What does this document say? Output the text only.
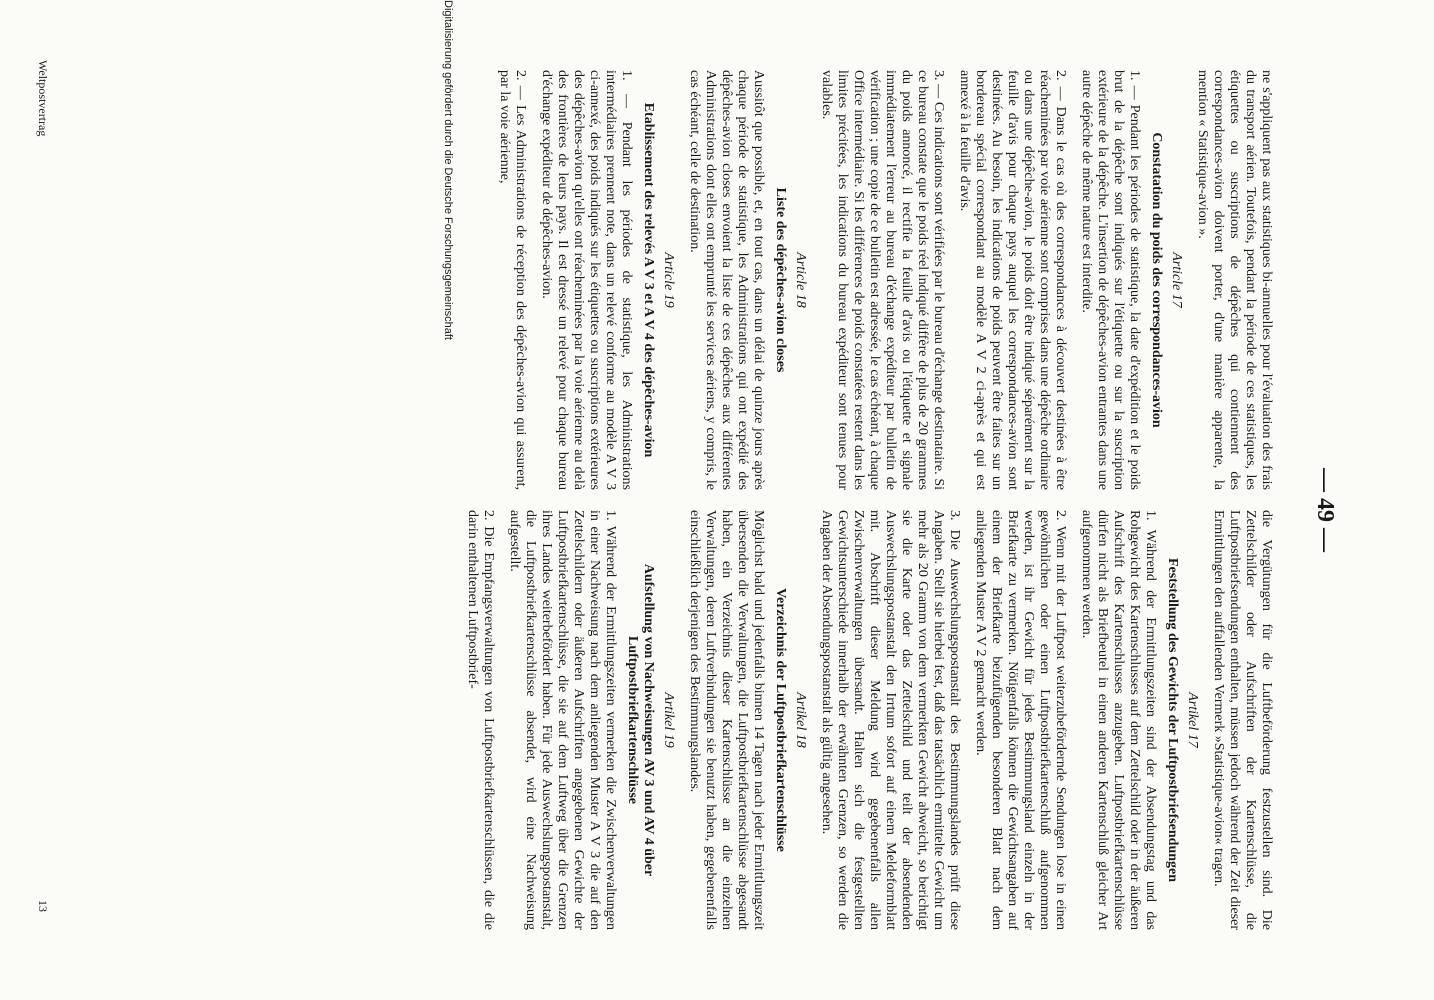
— 49 —

ne s'appliquent pas aux statistiques bi-annuelles pour l'évaluation des frais du transport aérien. Toutefois, pendant la période de ces statistiques, les étiquettes ou suscriptions de dépêches qui contiennent des correspondances-avion doivent porter, d'une manière apparente, la mention « Statistique-avion ».

Article 17
Constatation du poids des correspondances-avion

1. — Pendant les périodes de statistique, la date d'expédition et le poids brut de la dépêche sont indiqués sur l'étiquette ou sur la suscription extérieure de la dépêche. L'insertion de dépêches-avion entrantes dans une autre dépêche de même nature est interdite.

2. — Dans le cas où des correspondances à découvert destinées à être réacheminées par voie aérienne sont comprises dans une dépêche ordinaire ou dans une dépêche-avion, le poids doit être indiqué séparément sur la feuille d'avis pour chaque pays auquel les correspondances-avion sont destinées. Au besoin, les indications de poids peuvent être faites sur un bordereau spécial correspondant au modèle A V 2 ci-après et qui est annexé à la feuille d'avis.

3. — Ces indications sont vérifiées par le bureau d'échange destinataire. Si ce bureau constate que le poids réel indiqué diffère de plus de 20 grammes du poids annoncé, il rectifie la feuille d'avis ou l'étiquette et signale immédiatement l'erreur au bureau d'échange expéditeur par bulletin de vérification ; une copie de ce bulletin est adressée, le cas échéant, à chaque Office intermédiaire. Si les différences de poids constatées restent dans les limites précitées, les indications du bureau expéditeur sont tenues pour valables.

Article 18
Liste des dépêches-avion closes

Aussitôt que possible, et, en tout cas, dans un délai de quinze jours après chaque période de statistique, les Administrations qui ont expédié des dépêches-avion closes envoient la liste de ces dépêches aux différentes Administrations dont elles ont emprunté les services aériens, y compris, le cas échéant, celle de destination.

Article 19
Etablissement des relevés A V 3 et A V 4 des dépêches-avion

1. — Pendant les périodes de statistique, les Administrations intermédiaires prennent note, dans un relevé conforme au modèle A V 3 ci-annexé, des poids indiqués sur les étiquettes ou suscriptions extérieures des dépêches-avion qu'elles ont réacheminées par la voie aérienne au delà des frontières de leurs pays. Il est dressé un relevé pour chaque bureau d'échange expéditeur de dépêches-avion.

2. — Les Administrations de réception des dépêches-avion qui assurent, par la voie aérienne,

die Vergütungen für die Luftbeförderung festzustellen sind. Die Zettelschilder oder Aufschriften der Kartenschlüsse, die Luftpostbriefsendungen enthalten, müssen jedoch während der Zeit dieser Ermittlungen den auffallenden Vermerk »Statistique-avion« tragen.

Artikel 17
Feststellung des Gewichts der Luftpostbriefsendungen

1. Während der Ermittlungszeiten sind der Absendungstag und das Rohgewicht des Kartenschlusses auf dem Zettelschild oder in der äußeren Aufschrift des Kartenschlusses anzugeben. Luftpostbriefkartenschlüsse dürfen nicht als Briefbeutel in einen anderen Kartenschluß gleicher Art aufgenommen werden.

2. Wenn mit der Luftpost weiterzubefördernde Sendungen lose in einen gewöhnlichen oder einen Luftpostbriefkartenschluß aufgenommen werden, ist ihr Gewicht für jedes Bestimmungsland einzeln in der Briefkarte zu vermerken. Nötigenfalls können die Gewichtsangaben auf einem der Briefkarte beizufügenden besonderen Blatt nach dem anliegenden Muster A V 2 gemacht werden.

3. Die Auswechslungspostanstalt des Bestimmungslandes prüft diese Angaben. Stellt sie hierbei fest, daß das tatsächlich ermittelte Gewicht um mehr als 20 Gramm von dem vermerkten Gewicht abweicht, so berichtigt sie die Karte oder das Zettelschild und teilt der absendenden Auswechslungspostanstalt den Irrtum sofort auf einem Meldeformblatt mit. Abschrift dieser Meldung wird gegebenenfalls allen Zwischenverwaltungen übersandt. Halten sich die festgestellten Gewichtsunterschiede innerhalb der erwähnten Grenzen, so werden die Angaben der Absendungspostanstalt als gültig angesehen.

Artikel 18
Verzeichnis der Luftpostbriefkartenschlüsse

Möglichst bald und jedenfalls binnen 14 Tagen nach jeder Ermittlungszeit übersenden die Verwaltungen, die Luftpostbriefkartenschlüsse abgesandt haben, ein Verzeichnis dieser Kartenschlüsse an die einzelnen Verwaltungen, deren Luftverbindungen sie benutzt haben, gegebenenfalls einschließlich derjenigen des Bestimmungslandes.

Artikel 19
Aufstellung von Nachweisungen AV 3 und AV 4 über Luftpostbriefkartenschlüsse

1. Während der Ermittlungszeiten vermerken die Zwischenverwaltungen in einer Nachweisung nach dem anliegenden Muster A V 3 die auf den Zettelschildern oder äußeren Aufschriften angegebenen Gewichte der Luftpostbriefkartenschlüsse, die sie auf dem Luftweg über die Grenzen ihres Landes weiterbefördert haben. Für jede Auswechslungspostanstalt, die Luftpostbriefkartenschlüsse absendet, wird eine Nachweisung aufgestellt.

2. Die Empfangsverwaltungen von Luftpostbriefkartenschlüssen, die die darin enthaltenen Luftpostbrief-

Weltpostvertrag
13
Digitalisierung gefördert durch die Deutsche Forschungsgemeinschaft
